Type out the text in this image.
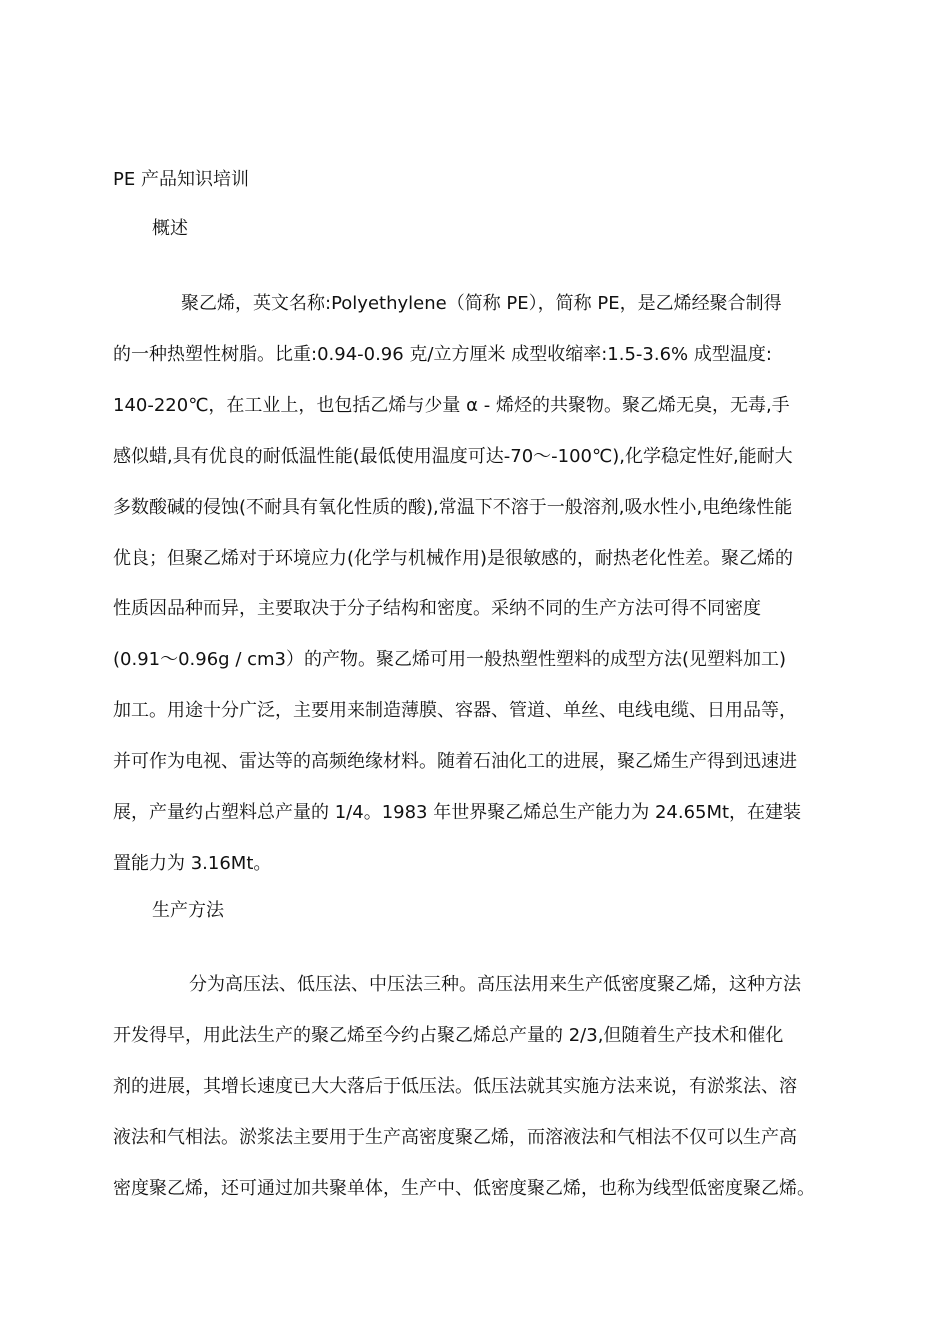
PE 产品知识培训
概述

聚乙烯，英文名称:Polyethylene（简称 PE），简称 PE，是乙烯经聚合制得
的一种热塑性树脂。比重:0.94-0.96 克/立方厘米 成型收缩率:1.5-3.6% 成型温度:
140-220℃，在工业上，也包括乙烯与少量 α - 烯烃的共聚物。聚乙烯无臭，无毒,手
感似蜡,具有优良的耐低温性能(最低使用温度可达-70～-100℃),化学稳定性好,能耐大
多数酸碱的侵蚀(不耐具有氧化性质的酸),常温下不溶于一般溶剂,吸水性小,电绝缘性能
优良；但聚乙烯对于环境应力(化学与机械作用)是很敏感的，耐热老化性差。聚乙烯的
性质因品种而异，主要取决于分子结构和密度。采纳不同的生产方法可得不同密度
(0.91～0.96g / cm3）的产物。聚乙烯可用一般热塑性塑料的成型方法(见塑料加工)
加工。用途十分广泛，主要用来制造薄膜、容器、管道、单丝、电线电缆、日用品等，
并可作为电视、雷达等的高频绝缘材料。随着石油化工的进展，聚乙烯生产得到迅速进
展，产量约占塑料总产量的 1/4。1983 年世界聚乙烯总生产能力为 24.65Mt，在建装
置能力为 3.16Mt。

生产方法

分为高压法、低压法、中压法三种。高压法用来生产低密度聚乙烯，这种方法
开发得早，用此法生产的聚乙烯至今约占聚乙烯总产量的 2/3,但随着生产技术和催化
剂的进展，其增长速度已大大落后于低压法。低压法就其实施方法来说，有淤浆法、溶
液法和气相法。淤浆法主要用于生产高密度聚乙烯，而溶液法和气相法不仅可以生产高
密度聚乙烯，还可通过加共聚单体，生产中、低密度聚乙烯，也称为线型低密度聚乙烯。
